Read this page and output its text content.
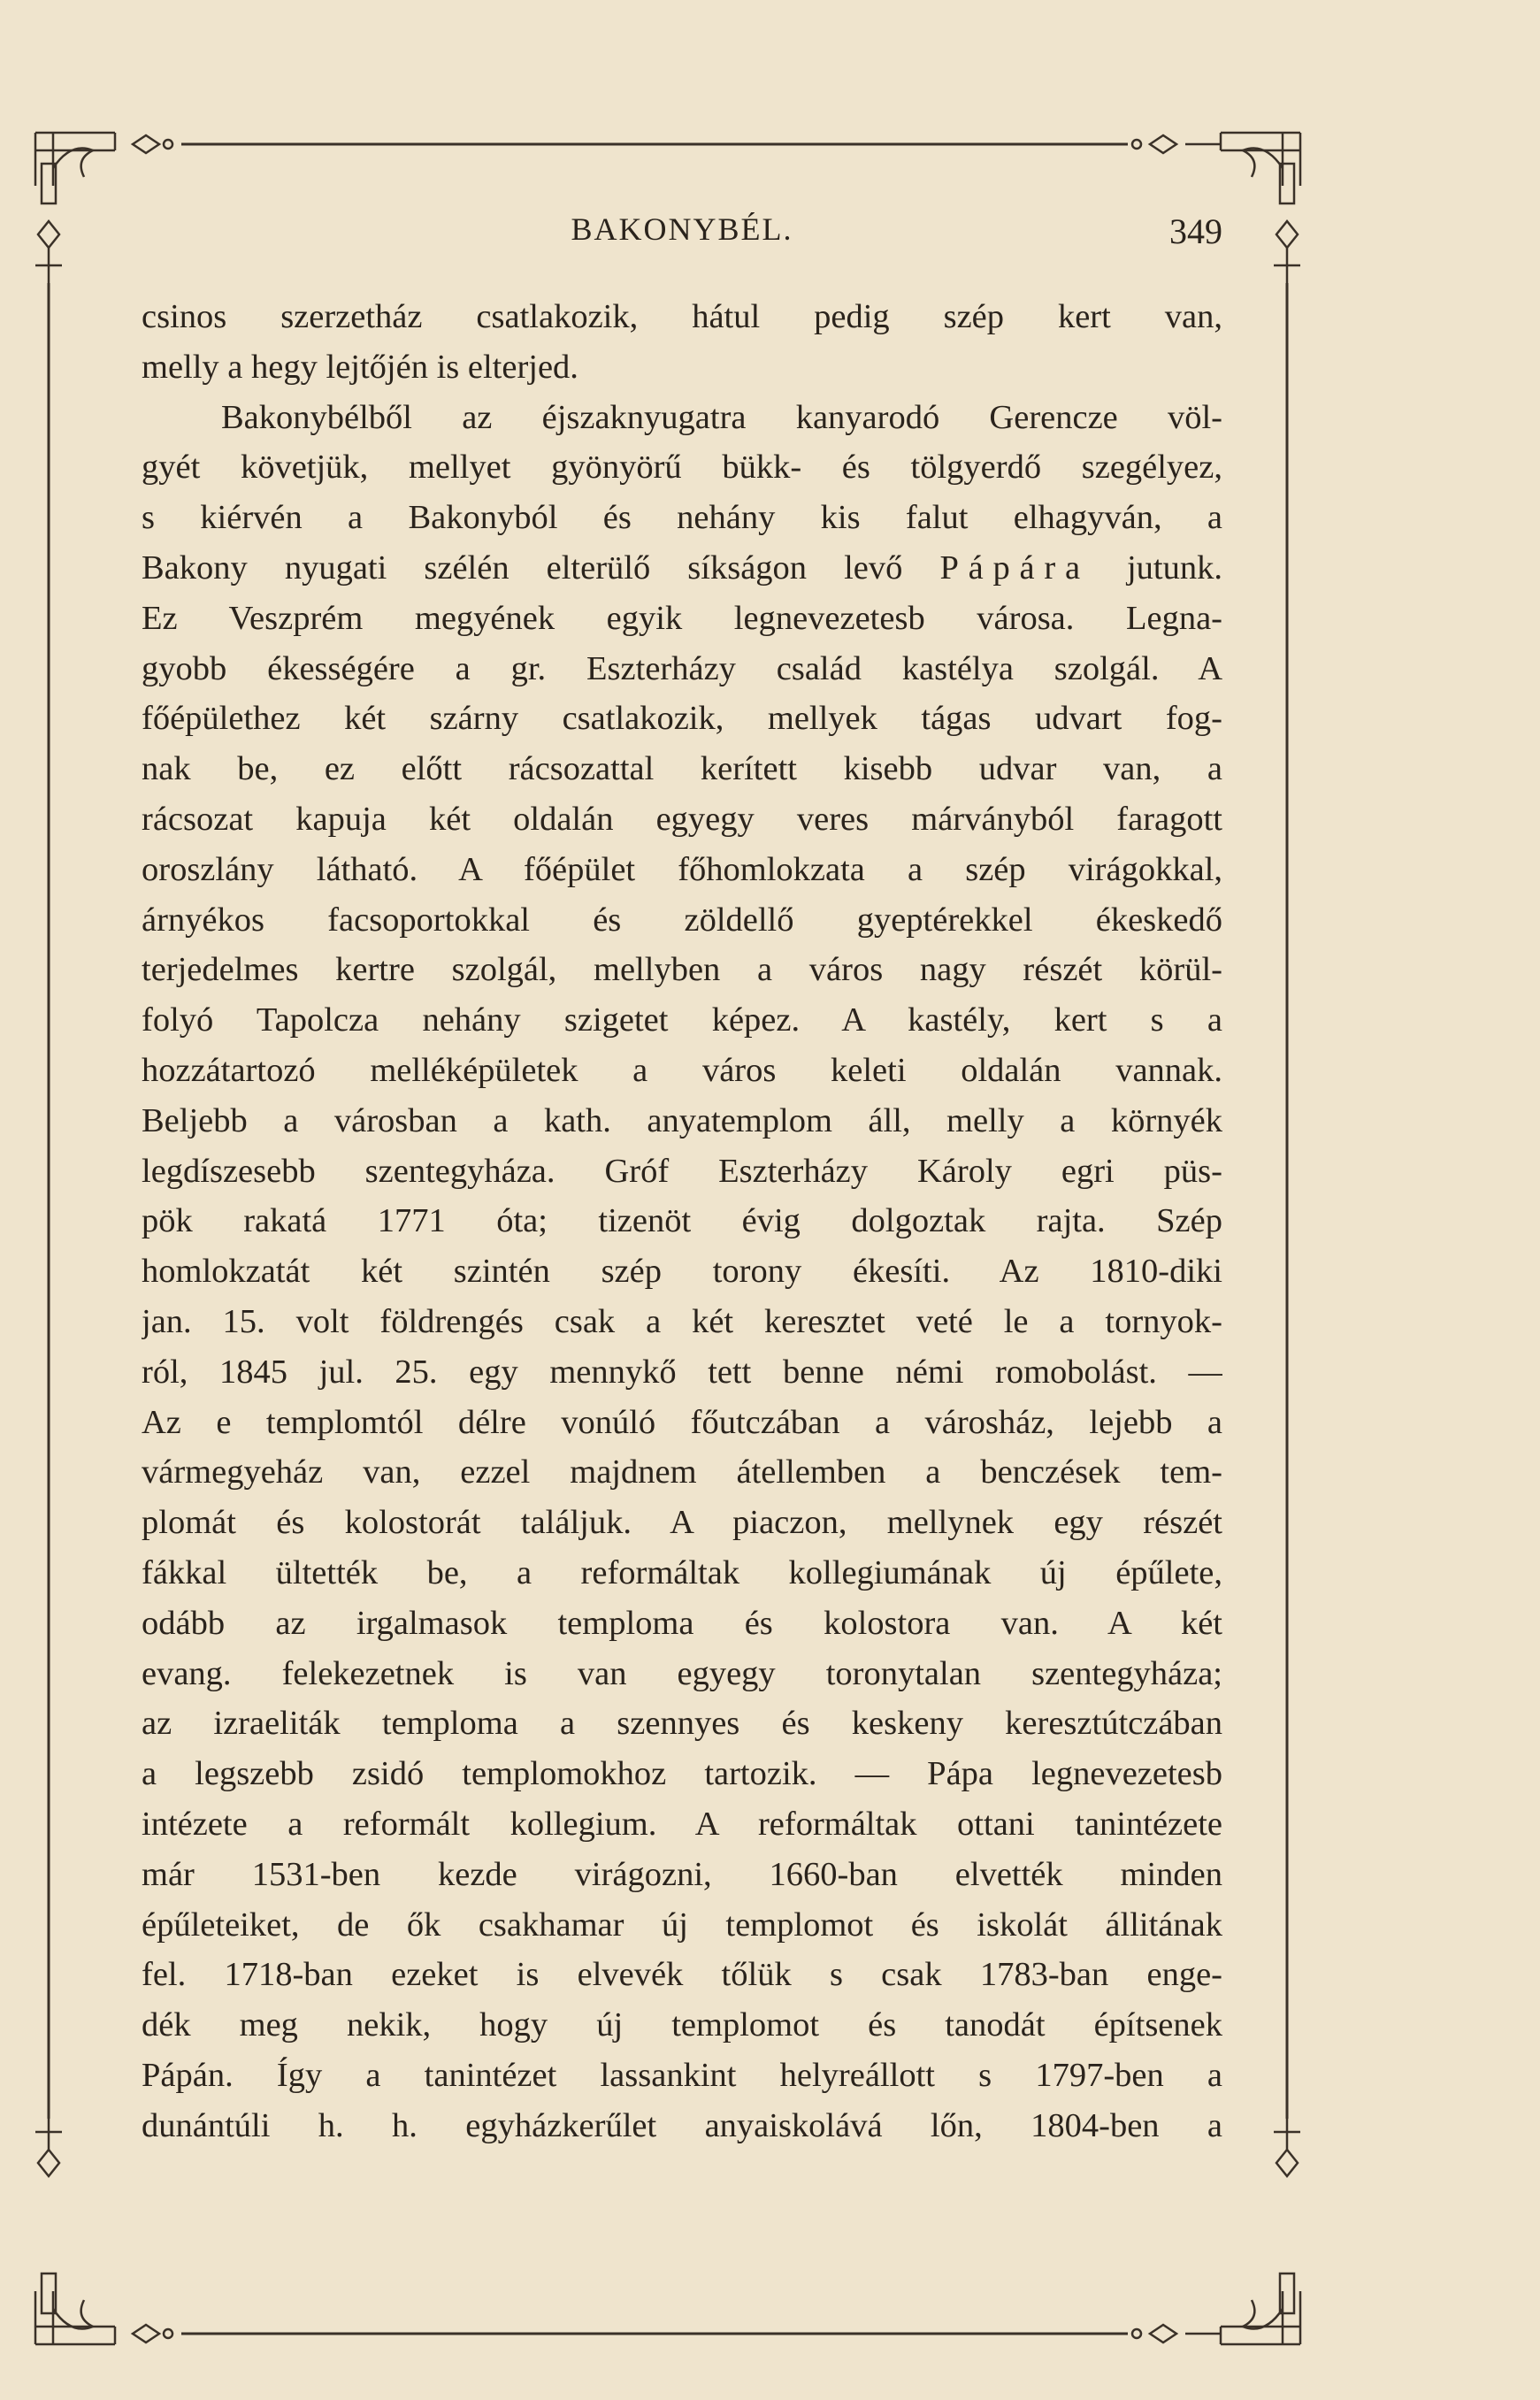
BAKONYBÉL.	349
csinos szerzetház csatlakozik, hátul pedig szép kert van,
melly a hegy lejtőjén is elterjed.
Bakonybélből az éjszaknyugatra kanyarodó Gerencze völ-
gyét követjük, mellyet gyönyörű bükk- és tölgyerdő szegélyez,
s kiérvén a Bakonyból és nehány kis falut elhagyván, a
Bakony nyugati szélén elterülő síkságon levő Pápára jutunk.
Ez Veszprém megyének egyik legnevezetesb városa. Legna-
gyobb ékességére a gr. Eszterházy család kastélya szolgál. A
főépülethez két szárny csatlakozik, mellyek tágas udvart fog-
nak be, ez előtt rácsozattal kerített kisebb udvar van, a
rácsozat kapuja két oldalán egyegy veres márványból faragott
oroszlány látható. A főépület főhomlokzata a szép virágokkal,
árnyékos facsoportokkal és zöldellő gyeptérekkel ékeskedő
terjedelmes kertre szolgál, mellyben a város nagy részét körül-
folyó Tapolcza nehány szigetet képez. A kastély, kert s a
hozzátartozó melléképületek a város keleti oldalán vannak.
Beljebb a városban a kath. anyatemplom áll, melly a környék
legdíszesebb szentegyháza. Gróf Eszterházy Károly egri püs-
pök rakatá 1771 óta; tizenöt évig dolgoztak rajta. Szép
homlokzatát két szintén szép torony ékesíti. Az 1810-diki
jan. 15. volt földrengés csak a két keresztet veté le a tornyok-
ról, 1845 jul. 25. egy mennykő tett benne némi romobolást. —
Az e templomtól délre vonúló főutczában a városház, lejebb a
vármegyeház van, ezzel majdnem átellemben a benczések tem-
plomát és kolostorát találjuk. A piaczon, mellynek egy részét
fákkal ültették be, a reformáltak kollegiumának új épűlete,
odább az irgalmasok temploma és kolostora van. A két
evang. felekezetnek is van egyegy toronytalan szentegyháza;
az izraeliták temploma a szennyes és keskeny keresztútczában
a legszebb zsidó templomokhoz tartozik. — Pápa legnevezetesb
intézete a reformált kollegium. A reformáltak ottani tanintézete
már 1531-ben kezde virágozni, 1660-ban elvették minden
épűleteiket, de ők csakhamar új templomot és iskolát állitának
fel. 1718-ban ezeket is elvevék tőlük s csak 1783-ban enge-
dék meg nekik, hogy új templomot és tanodát építsenek
Pápán. Így a tanintézet lassankint helyreállott s 1797-ben a
dunántúli h. h. egyházkerűlet anyaiskolává lőn, 1804-ben a
